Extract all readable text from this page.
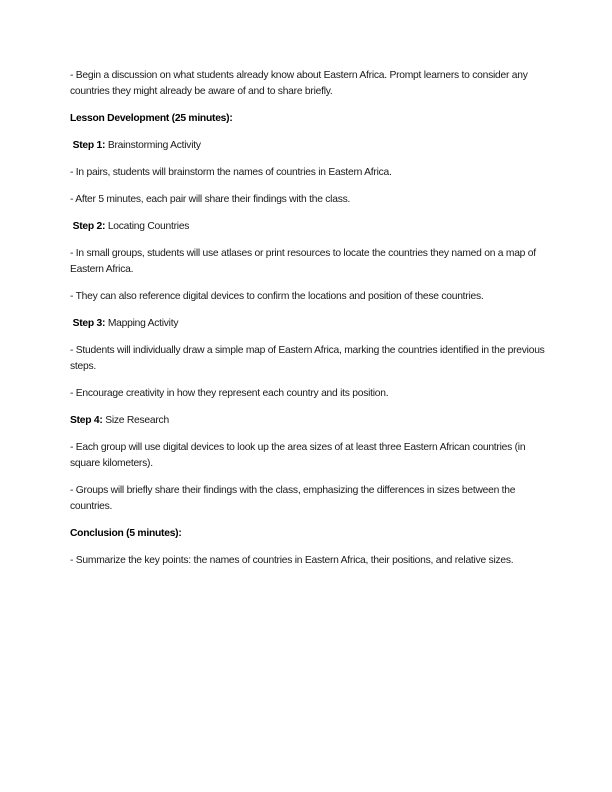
- Begin a discussion on what students already know about Eastern Africa. Prompt learners to consider any countries they might already be aware of and to share briefly.

Lesson Development (25 minutes):

Step 1: Brainstorming Activity

- In pairs, students will brainstorm the names of countries in Eastern Africa.

- After 5 minutes, each pair will share their findings with the class.

Step 2: Locating Countries

- In small groups, students will use atlases or print resources to locate the countries they named on a map of Eastern Africa.

- They can also reference digital devices to confirm the locations and position of these countries.

Step 3: Mapping Activity

- Students will individually draw a simple map of Eastern Africa, marking the countries identified in the previous steps.

- Encourage creativity in how they represent each country and its position.

Step 4: Size Research

- Each group will use digital devices to look up the area sizes of at least three Eastern African countries (in square kilometers).

- Groups will briefly share their findings with the class, emphasizing the differences in sizes between the countries.

Conclusion (5 minutes):

- Summarize the key points: the names of countries in Eastern Africa, their positions, and relative sizes.
